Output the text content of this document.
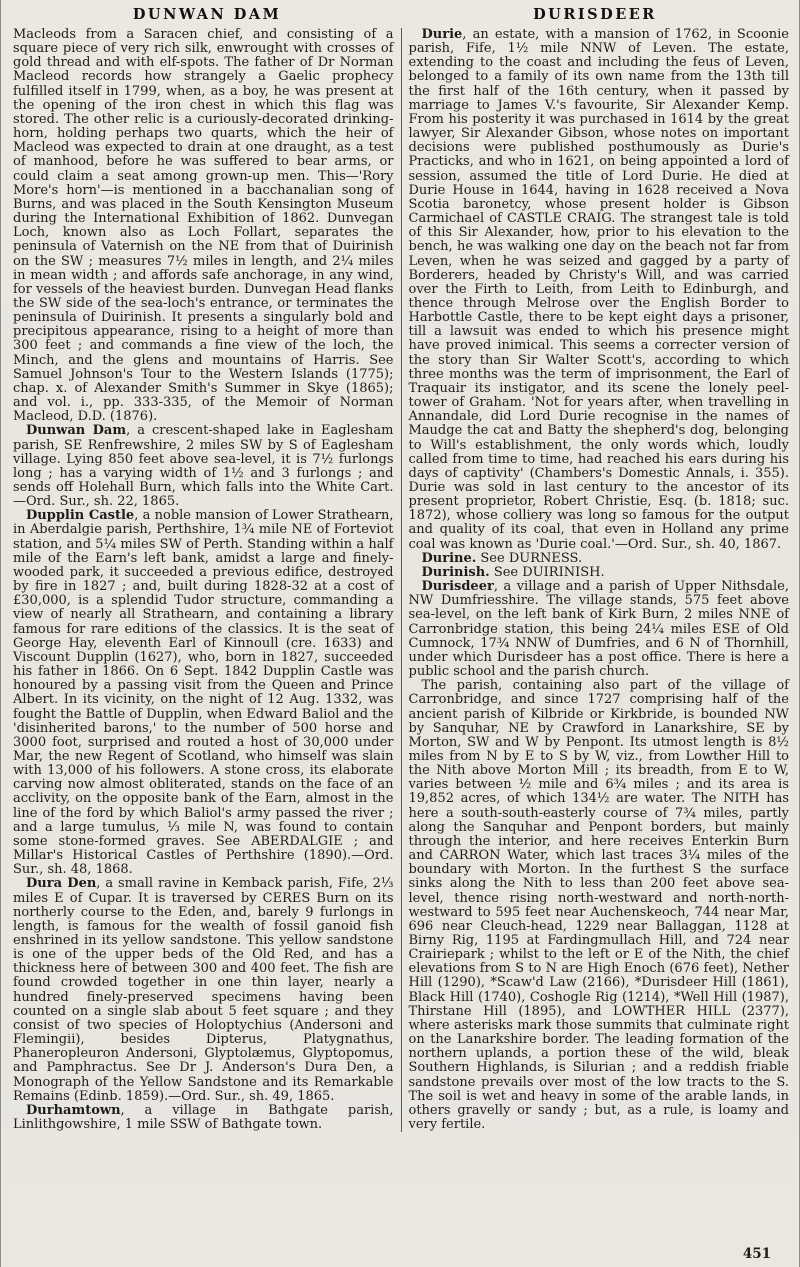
DUNWAN DAM	DURISDEER

Macleods from a Saracen chief, and consisting of a square piece of very rich silk, enwrought with crosses of gold thread and with elf-spots. The father of Dr Norman Macleod records how strangely a Gaelic prophecy fulfilled itself in 1799, when, as a boy, he was present at the opening of the iron chest in which this flag was stored. The other relic is a curiously-decorated drinking-horn, holding perhaps two quarts, which the heir of Macleod was expected to drain at one draught, as a test of manhood, before he was suffered to bear arms, or could claim a seat among grown-up men. This—'Rory More's horn'—is mentioned in a bacchanalian song of Burns, and was placed in the South Kensington Museum during the International Exhibition of 1862. Dunvegan Loch, known also as Loch Follart, separates the peninsula of Vaternish on the NE from that of Duirinish on the SW ; measures 7½ miles in length, and 2¼ miles in mean width ; and affords safe anchorage, in any wind, for vessels of the heaviest burden. Dunvegan Head flanks the SW side of the sea-loch's entrance, or terminates the peninsula of Duirinish. It presents a singularly bold and precipitous appearance, rising to a height of more than 300 feet ; and commands a fine view of the loch, the Minch, and the glens and mountains of Harris. See Samuel Johnson's Tour to the Western Islands (1775); chap. x. of Alexander Smith's Summer in Skye (1865); and vol. i., pp. 333-335, of the Memoir of Norman Macleod, D.D. (1876).

Dunwan Dam, a crescent-shaped lake in Eaglesham parish, SE Renfrewshire, 2 miles SW by S of Eaglesham village. Lying 850 feet above sea-level, it is 7½ furlongs long ; has a varying width of 1½ and 3 furlongs ; and sends off Holehall Burn, which falls into the White Cart.—Ord. Sur., sh. 22, 1865.

Dupplin Castle, a noble mansion of Lower Strathearn, in Aberdalgie parish, Perthshire, 1¾ mile NE of Forteviot station, and 5¼ miles SW of Perth. Standing within a half mile of the Earn's left bank, amidst a large and finely-wooded park, it succeeded a previous edifice, destroyed by fire in 1827 ; and, built during 1828-32 at a cost of £30,000, is a splendid Tudor structure, commanding a view of nearly all Strathearn, and containing a library famous for rare editions of the classics. It is the seat of George Hay, eleventh Earl of Kinnoull (cre. 1633) and Viscount Dupplin (1627), who, born in 1827, succeeded his father in 1866. On 6 Sept. 1842 Dupplin Castle was honoured by a passing visit from the Queen and Prince Albert. In its vicinity, on the night of 12 Aug. 1332, was fought the Battle of Dupplin, when Edward Baliol and the 'disinherited barons,' to the number of 500 horse and 3000 foot, surprised and routed a host of 30,000 under Mar, the new Regent of Scotland, who himself was slain with 13,000 of his followers. A stone cross, its elaborate carving now almost obliterated, stands on the face of an acclivity, on the opposite bank of the Earn, almost in the line of the ford by which Baliol's army passed the river ; and a large tumulus, ⅓ mile N, was found to contain some stone-formed graves. See ABERDALGIE ; and Millar's Historical Castles of Perthshire (1890).—Ord. Sur., sh. 48, 1868.

Dura Den, a small ravine in Kemback parish, Fife, 2⅓ miles E of Cupar. It is traversed by CERES Burn on its northerly course to the Eden, and, barely 9 furlongs in length, is famous for the wealth of fossil ganoid fish enshrined in its yellow sandstone. This yellow sandstone is one of the upper beds of the Old Red, and has a thickness here of between 300 and 400 feet. The fish are found crowded together in one thin layer, nearly a hundred finely-preserved specimens having been counted on a single slab about 5 feet square ; and they consist of two species of Holoptychius (Andersoni and Flemingii), besides Dipterus, Platygnathus, Phaneropleuron Andersoni, Glyptolæmus, Glyptopomus, and Pamphractus. See Dr J. Anderson's Dura Den, a Monograph of the Yellow Sandstone and its Remarkable Remains (Edinb. 1859).—Ord. Sur., sh. 49, 1865.

Durhamtown, a village in Bathgate parish, Linlithgowshire, 1 mile SSW of Bathgate town.

Durie, an estate, with a mansion of 1762, in Scoonie parish, Fife, 1½ mile NNW of Leven. The estate, extending to the coast and including the feus of Leven, belonged to a family of its own name from the 13th till the first half of the 16th century, when it passed by marriage to James V.'s favourite, Sir Alexander Kemp. From his posterity it was purchased in 1614 by the great lawyer, Sir Alexander Gibson, whose notes on important decisions were published posthumously as Durie's Practicks, and who in 1621, on being appointed a lord of session, assumed the title of Lord Durie. He died at Durie House in 1644, having in 1628 received a Nova Scotia baronetcy, whose present holder is Gibson Carmichael of CASTLE CRAIG. The strangest tale is told of this Sir Alexander, how, prior to his elevation to the bench, he was walking one day on the beach not far from Leven, when he was seized and gagged by a party of Borderers, headed by Christy's Will, and was carried over the Firth to Leith, from Leith to Edinburgh, and thence through Melrose over the English Border to Harbottle Castle, there to be kept eight days a prisoner, till a lawsuit was ended to which his presence might have proved inimical. This seems a correcter version of the story than Sir Walter Scott's, according to which three months was the term of imprisonment, the Earl of Traquair its instigator, and its scene the lonely peel-tower of Graham. 'Not for years after, when travelling in Annandale, did Lord Durie recognise in the names of Maudge the cat and Batty the shepherd's dog, belonging to Will's establishment, the only words which, loudly called from time to time, had reached his ears during his days of captivity' (Chambers's Domestic Annals, i. 355). Durie was sold in last century to the ancestor of its present proprietor, Robert Christie, Esq. (b. 1818; suc. 1872), whose colliery was long so famous for the output and quality of its coal, that even in Holland any prime coal was known as 'Durie coal.'—Ord. Sur., sh. 40, 1867.

Durine. See DURNESS.

Durinish. See DUIRINISH.

Durisdeer, a village and a parish of Upper Nithsdale, NW Dumfriesshire. The village stands, 575 feet above sea-level, on the left bank of Kirk Burn, 2 miles NNE of Carronbridge station, this being 24¼ miles ESE of Old Cumnock, 17¾ NNW of Dumfries, and 6 N of Thornhill, under which Durisdeer has a post office. There is here a public school and the parish church.

The parish, containing also part of the village of Carronbridge, and since 1727 comprising half of the ancient parish of Kilbride or Kirkbride, is bounded NW by Sanquhar, NE by Crawford in Lanarkshire, SE by Morton, SW and W by Penpont. Its utmost length is 8½ miles from N by E to S by W, viz., from Lowther Hill to the Nith above Morton Mill ; its breadth, from E to W, varies between ½ mile and 6¾ miles ; and its area is 19,852 acres, of which 134½ are water. The NITH has here a south-south-easterly course of 7¾ miles, partly along the Sanquhar and Penpont borders, but mainly through the interior, and here receives Enterkin Burn and CARRON Water, which last traces 3¼ miles of the boundary with Morton. In the furthest S the surface sinks along the Nith to less than 200 feet above sea-level, thence rising north-westward and north-north-westward to 595 feet near Auchenskeoch, 744 near Mar, 696 near Cleuch-head, 1229 near Ballaggan, 1128 at Birny Rig, 1195 at Fardingmullach Hill, and 724 near Crairiepark ; whilst to the left or E of the Nith, the chief elevations from S to N are High Enoch (676 feet), Nether Hill (1290), *Scaw'd Law (2166), *Durisdeer Hill (1861), Black Hill (1740), Coshogle Rig (1214), *Well Hill (1987), Thirstane Hill (1895), and LOWTHER HILL (2377), where asterisks mark those summits that culminate right on the Lanarkshire border. The leading formation of the northern uplands, a portion these of the wild, bleak Southern Highlands, is Silurian ; and a reddish friable sandstone prevails over most of the low tracts to the S. The soil is wet and heavy in some of the arable lands, in others gravelly or sandy ; but, as a rule, is loamy and very fertile.

451
